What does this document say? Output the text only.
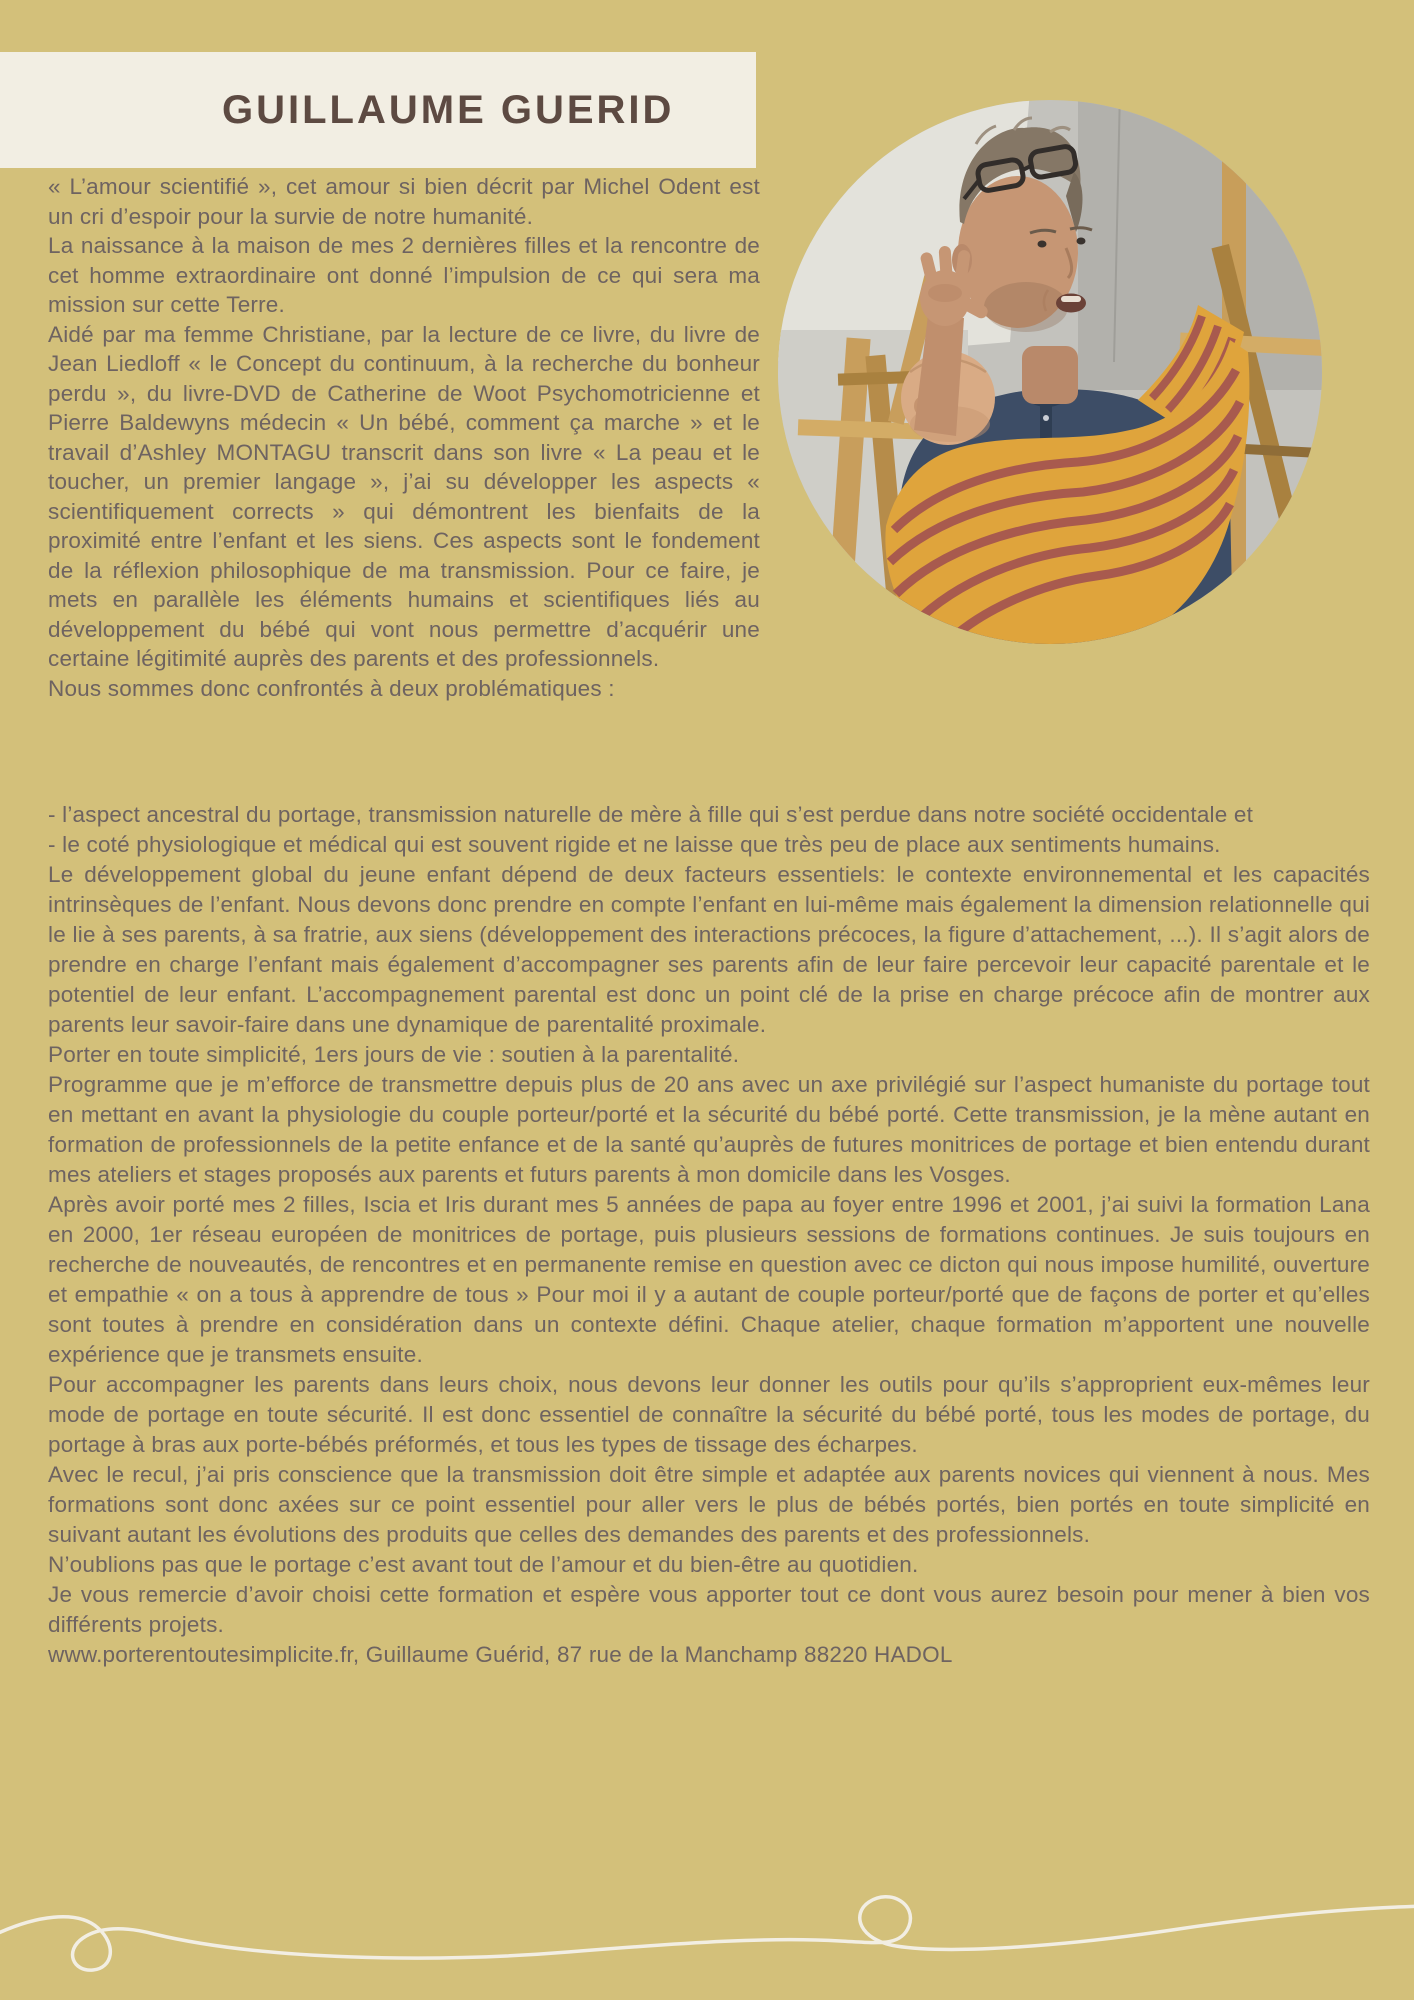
GUILLAUME GUERID

« L’amour scientifié », cet amour si bien décrit par Michel Odent est un cri d’espoir pour la survie de notre humanité.

La naissance à la maison de mes 2 dernières filles et la rencontre de cet homme extraordinaire ont donné l’impulsion de ce qui sera ma mission sur cette Terre.

Aidé par ma femme Christiane, par la lecture de ce livre, du livre de Jean Liedloff « le Concept du continuum, à la recherche du bonheur perdu », du livre-DVD de Catherine de Woot Psychomotricienne et Pierre Baldewyns médecin « Un bébé, comment ça marche » et le travail d’Ashley MONTAGU transcrit dans son livre « La peau et le toucher, un premier langage », j’ai su développer les aspects « scientifiquement corrects » qui démontrent les bienfaits de la proximité entre l’enfant et les siens. Ces aspects sont le fondement de la réflexion philosophique de ma transmission. Pour ce faire, je mets en parallèle les éléments humains et scientifiques liés au développement du bébé qui vont nous permettre d’acquérir une certaine légitimité auprès des parents et des professionnels.

Nous sommes donc confrontés à deux problématiques :

- l’aspect ancestral du portage, transmission naturelle de mère à fille qui s’est perdue dans notre société occidentale et

- le coté physiologique et médical qui est souvent rigide et ne laisse que très peu de place aux sentiments humains.

Le développement global du jeune enfant dépend de deux facteurs essentiels: le contexte environnemental et les capacités intrinsèques de l’enfant. Nous devons donc prendre en compte l’enfant en lui-même mais également la dimension relationnelle qui le lie à ses parents, à sa fratrie, aux siens (développement des interactions précoces, la figure d’attachement, ...). Il s’agit alors de prendre en charge l’enfant mais également d’accompagner ses parents afin de leur faire percevoir leur capacité parentale et le potentiel de leur enfant. L’accompagnement parental est donc un point clé de la prise en charge précoce afin de montrer aux parents leur savoir-faire dans une dynamique de parentalité proximale.

Porter en toute simplicité, 1ers jours de vie : soutien à la parentalité.

Programme que je m’efforce de transmettre depuis plus de 20 ans avec un axe privilégié sur l’aspect humaniste du portage tout en mettant en avant la physiologie du couple porteur/porté et la sécurité du bébé porté. Cette transmission, je la mène autant en formation de professionnels de la petite enfance et de la santé qu’auprès de futures monitrices de portage et bien entendu durant mes ateliers et stages proposés aux parents et futurs parents à mon domicile dans les Vosges.

Après avoir porté mes 2 filles, Iscia et Iris durant mes 5 années de papa au foyer entre 1996 et 2001, j’ai suivi la formation Lana en 2000, 1er réseau européen de monitrices de portage, puis plusieurs sessions de formations continues. Je suis toujours en recherche de nouveautés, de rencontres et en permanente remise en question avec ce dicton qui nous impose humilité, ouverture et empathie « on a tous à apprendre de tous » Pour moi il y a autant de couple porteur/porté que de façons de porter et qu’elles sont toutes à prendre en considération dans un contexte défini. Chaque atelier, chaque formation m’apportent une nouvelle expérience que je transmets ensuite.

Pour accompagner les parents dans leurs choix, nous devons leur donner les outils pour qu’ils s’approprient eux-mêmes leur mode de portage en toute sécurité. Il est donc essentiel de connaître la sécurité du bébé porté, tous les modes de portage, du portage à bras aux porte-bébés préformés, et tous les types de tissage des écharpes.

Avec le recul, j’ai pris conscience que la transmission doit être simple et adaptée aux parents novices qui viennent à nous. Mes formations sont donc axées sur ce point essentiel pour aller vers le plus de bébés portés, bien portés en toute simplicité en suivant autant les évolutions des produits que celles des demandes des parents et des professionnels.

N’oublions pas que le portage c’est avant tout de l’amour et du bien-être au quotidien.

Je vous remercie d’avoir choisi cette formation et espère vous apporter tout ce dont vous aurez besoin pour mener à bien vos différents projets.

www.porterentoutesimplicite.fr, Guillaume Guérid, 87 rue de la Manchamp 88220 HADOL
